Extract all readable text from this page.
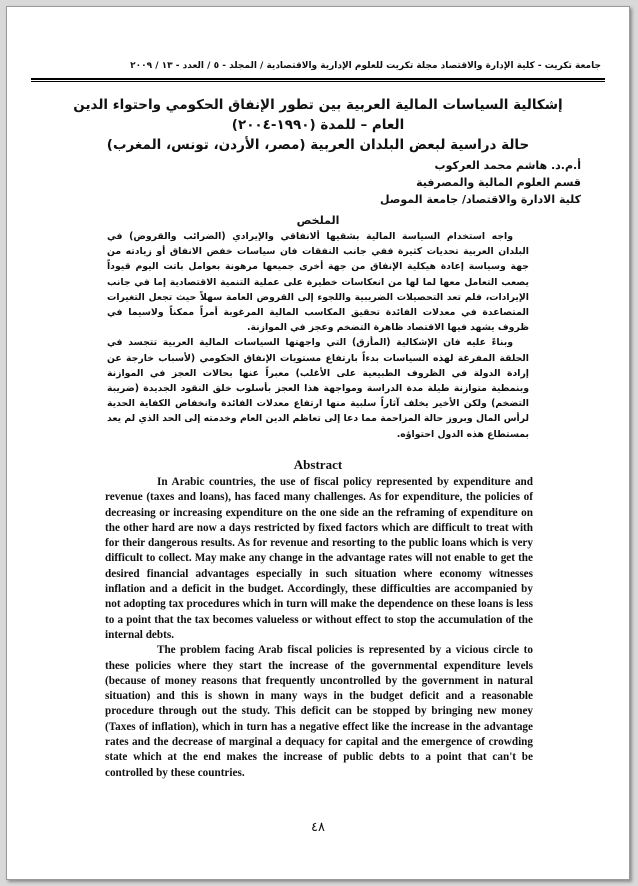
جامعة تكريت - كلية الإدارة والاقتصاد مجلة تكريت للعلوم الإدارية والاقتصادية / المجلد - ٥ / العدد - ١٣ / ٢٠٠٩
إشكالية السياسات المالية العربية بين تطور الإنفاق الحكومي واحتواء الدين
العام – للمدة (١٩٩٠-٢٠٠٤)
حالة دراسية لبعض البلدان العربية (مصر، الأردن، تونس، المغرب)
أ.م.د. هاشم محمد العركوب
قسم العلوم المالية والمصرفية
كلية الادارة والاقتصاد/ جامعة الموصل
الملخص

واجه استخدام السياسة المالية بشقيها ألانفاقي والإيرادي (الضرائب والقروض) في البلدان العربية تحديات كثيرة ففي جانب النفقات فان سياسات خفض الانفاق أو زيادته من جهة وسياسة إعادة هيكلية الإنفاق من جهة أخرى جميعها مرهونة بعوامل باتت اليوم قيوداً يصعب التعامل معها لما لها من انعكاسات خطيرة على عملية التنمية الاقتصادية إما في جانب الإيرادات، فلم تعد التحصيلات الضريبية واللجوء إلى القروض العامة سهلاً حيث تجعل التغيرات المتصاعدة في معدلات الفائدة تحقيق المكاسب المالية المرغوبة أمراً ممكناً ولاسيما في ظروف يشهد فيها الاقتصاد ظاهرة التضخم وعجز في الموازنة.

وبناءً عليه فان الإشكالية (المأزق) التي واجهتها السياسات المالية العربية تتجسد في الحلقة المفرغة لهذه السياسات بدءاً بارتفاع مستويات الإنفاق الحكومي (لأسباب خارجة عن إرادة الدولة في الظروف الطبيعية على الأغلب) معبراً عنها بحالات العجز في الموازنة وبنمطية متوازنة طيلة مدة الدراسة ومواجهة هذا العجز بأسلوب خلق النقود الجديدة (ضريبة التضخم) ولكن الأخير يخلف آثاراً سلبية منها ارتفاع معدلات الفائدة وانخفاض الكفاية الحدية لرأس المال وبروز حالة المزاحمة مما دعا إلى تعاظم الدين العام وخدمته إلى الحد الذي لم يعد بمستطاع هذه الدول احتواؤه.

Abstract

In Arabic countries, the use of fiscal policy represented by expenditure and revenue (taxes and loans), has faced many challenges. As for expenditure, the policies of decreasing or increasing expenditure on the one side an the reframing of expenditure on the other hard are now a days restricted by fixed factors which are difficult to treat with for their dangerous results. As for revenue and resorting to the public loans which is very difficult to collect. May make any change in the advantage rates will not enable to get the desired financial advantages especially in such situation where economy witnesses inflation and a deficit in the budget. Accordingly, these difficulties are accompanied by not adopting tax procedures which in turn will make the dependence on these loans is less to a point that the tax becomes valueless or without effect to stop the accumulation of the internal debts.

The problem facing Arab fiscal policies is represented by a vicious circle to these policies where they start the increase of the governmental expenditure levels (because of money reasons that frequently uncontrolled by the government in natural situation) and this is shown in many ways in the budget deficit and a reasonable procedure through out the study. This deficit can be stopped by bringing new money (Taxes of inflation), which in turn has a negative effect like the increase in the advantage rates and the decrease of marginal a dequacy for capital and the emergence of crowding state which at the end makes the increase of public debts to a point that can't be controlled by these countries.

٤٨
